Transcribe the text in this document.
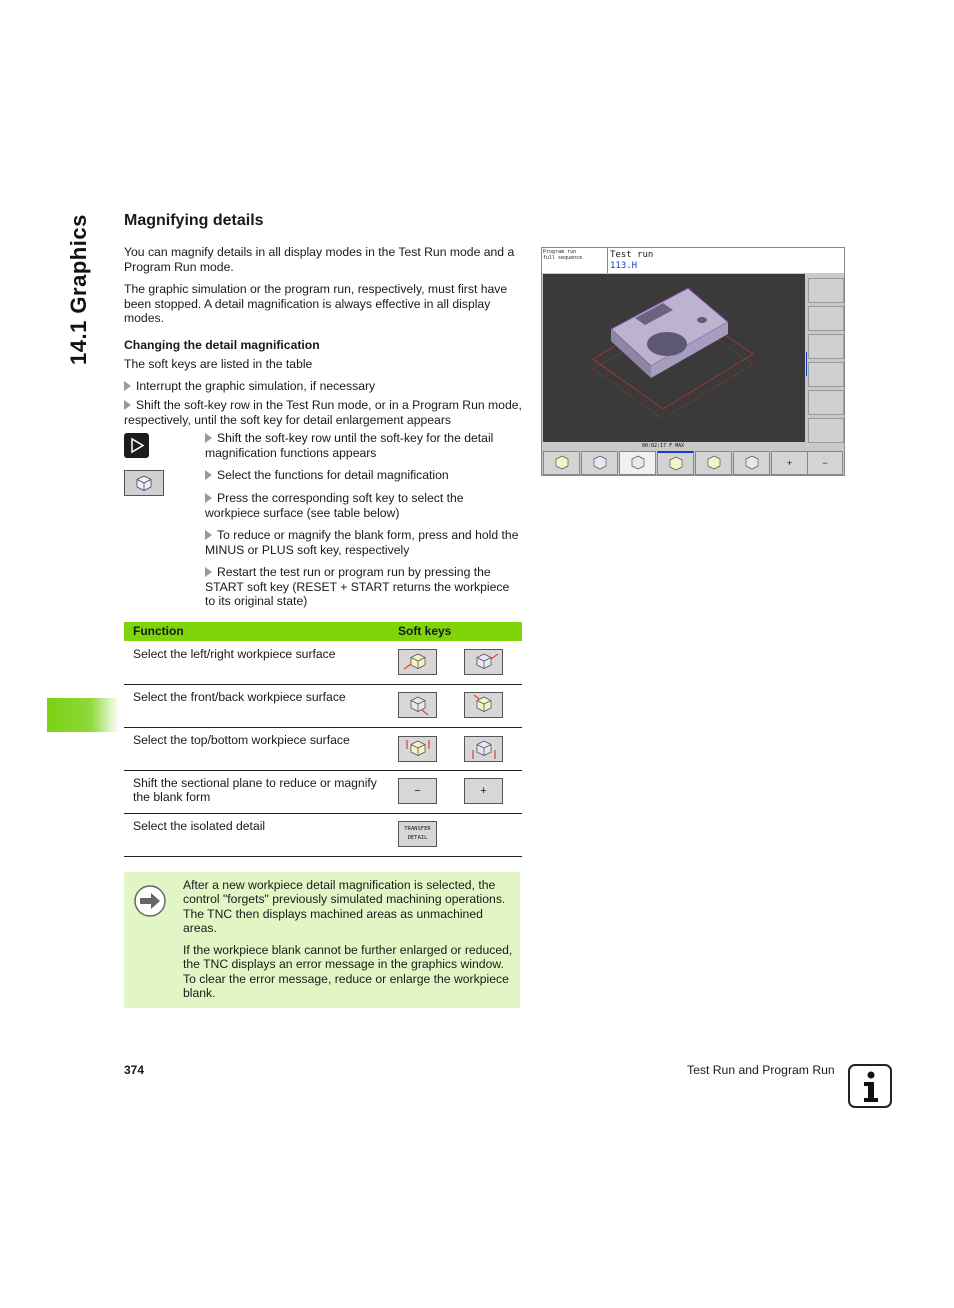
14.1 Graphics Magnifying details

You can magnify details in all display modes in the Test Run mode and a Program Run mode.

The graphic simulation or the program run, respectively, must first have been stopped. A detail magnification is always effective in all display modes.

Changing the detail magnification
The soft keys are listed in the table
Interrupt the graphic simulation, if necessary
Shift the soft-key row in the Test Run mode, or in a Program Run mode, respectively, until the soft key for detail enlargement appears
Shift the soft-key row until the soft-key for the detail magnification functions appears
Select the functions for detail magnification
Press the corresponding soft key to select the workpiece surface (see table below)
To reduce or magnify the blank form, press and hold the MINUS or PLUS soft key, respectively
Restart the test run or program run by pressing the START soft key (RESET + START returns the workpiece to its original state)
Function	Soft keys
Select the left/right workpiece surface
Select the front/back workpiece surface
Select the top/bottom workpiece surface
Shift the sectional plane to reduce or magnify the blank form	−	+
Select the isolated detail	TRANSFER DETAIL
After a new workpiece detail magnification is selected, the control "forgets" previously simulated machining operations. The TNC then displays machined areas as unmachined areas.
If the workpiece blank cannot be further enlarged or reduced, the TNC displays an error message in the graphics window. To clear the error message, reduce or enlarge the workpiece blank.
Program run
full sequence	Test run
113.H
00:02:17 F MAX
+	−
374	Test Run and Program Run
